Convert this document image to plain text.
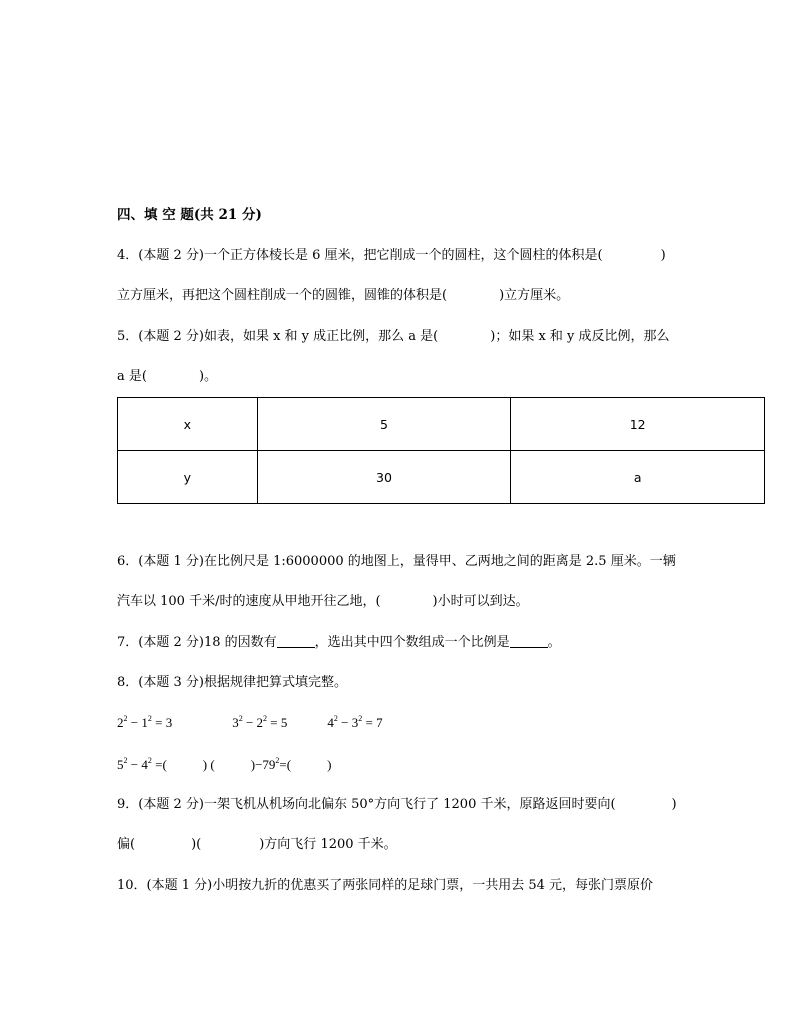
四、填 空 题(共 21 分)
4．(本题 2 分)一个正方体棱长是 6 厘米，把它削成一个的圆柱，这个圆柱的体积是(	)
立方厘米，再把这个圆柱削成一个的圆锥，圆锥的体积是(	)立方厘米。
5．(本题 2 分)如表，如果 x 和 y 成正比例，那么 a 是(	)；如果 x 和 y 成反比例，那么
a 是(	)。
x	5	12
y	30	a
6．(本题 1 分)在比例尺是 1:6000000 的地图上，量得甲、乙两地之间的距离是 2.5 厘米。一辆
汽车以 100 千米/时的速度从甲地开往乙地，(	)小时可以到达。
7．(本题 2 分)18 的因数有	，选出其中四个数组成一个比例是	。
8．(本题 3 分)根据规律把算式填完整。
$2^2 - 1^2 = 3$	$3^2 - 2^2 = 5$	$4^2 - 3^2 = 7$
$5^2 - 4^2$ =(	) (	)$-79^2=$(	)
9．(本题 2 分)一架飞机从机场向北偏东 50°方向飞行了 1200 千米，原路返回时要向(	)
偏(	)(	)方向飞行 1200 千米。
10．(本题 1 分)小明按九折的优惠买了两张同样的足球门票，一共用去 54 元，每张门票原价
